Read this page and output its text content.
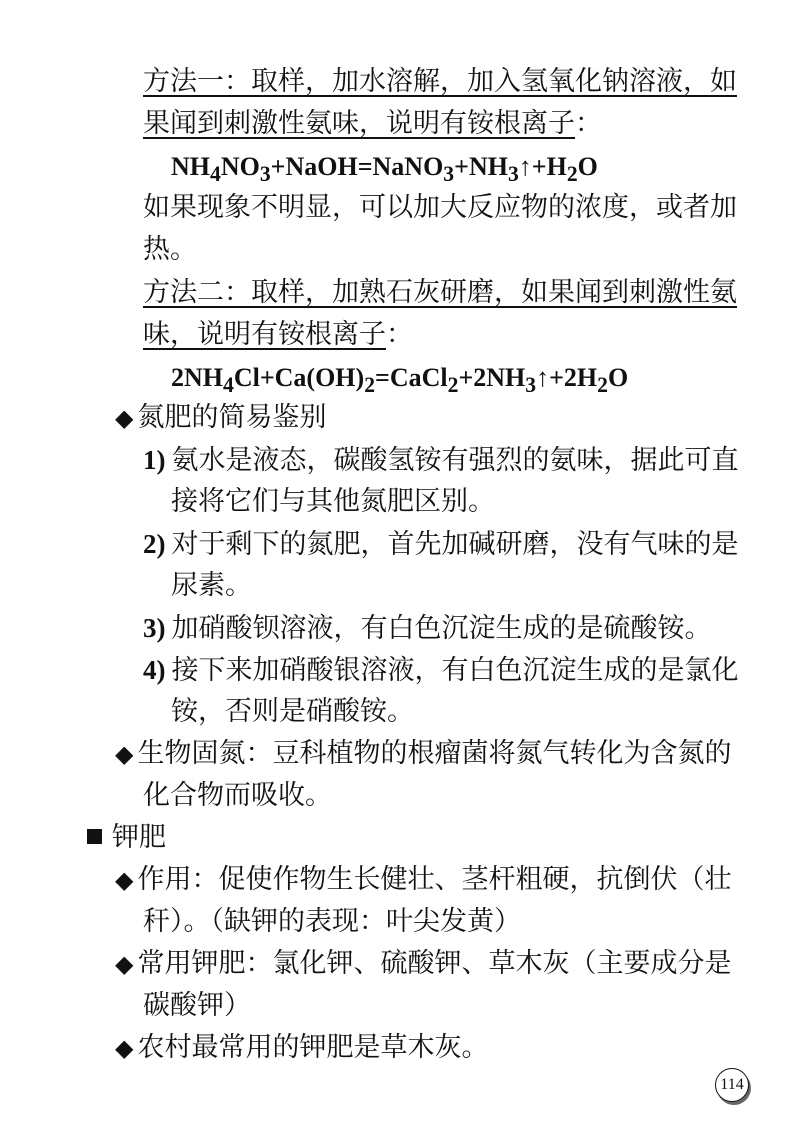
方法一：取样，加水溶解，加入氢氧化钠溶液，如
果闻到刺激性氨味，说明有铵根离子：
$NH_4NO_3+NaOH=NaNO_3+NH_3↑+H_2O$
如果现象不明显，可以加大反应物的浓度，或者加
热。
方法二：取样，加熟石灰研磨，如果闻到刺激性氨
味，说明有铵根离子：
$2NH_4Cl+Ca(OH)_2=CaCl_2+2NH_3↑+2H_2O$
◆ 氮肥的简易鉴别
1) 氨水是液态，碳酸氢铵有强烈的氨味，据此可直
接将它们与其他氮肥区别。
2) 对于剩下的氮肥，首先加碱研磨，没有气味的是
尿素。
3) 加硝酸钡溶液，有白色沉淀生成的是硫酸铵。
4) 接下来加硝酸银溶液，有白色沉淀生成的是氯化
铵，否则是硝酸铵。
◆ 生物固氮：豆科植物的根瘤菌将氮气转化为含氮的
化合物而吸收。
钾肥
◆ 作用：促使作物生长健壮、茎杆粗硬，抗倒伏（壮
秆）。（缺钾的表现：叶尖发黄）
◆ 常用钾肥：氯化钾、硫酸钾、草木灰（主要成分是
碳酸钾）
◆ 农村最常用的钾肥是草木灰。
114
